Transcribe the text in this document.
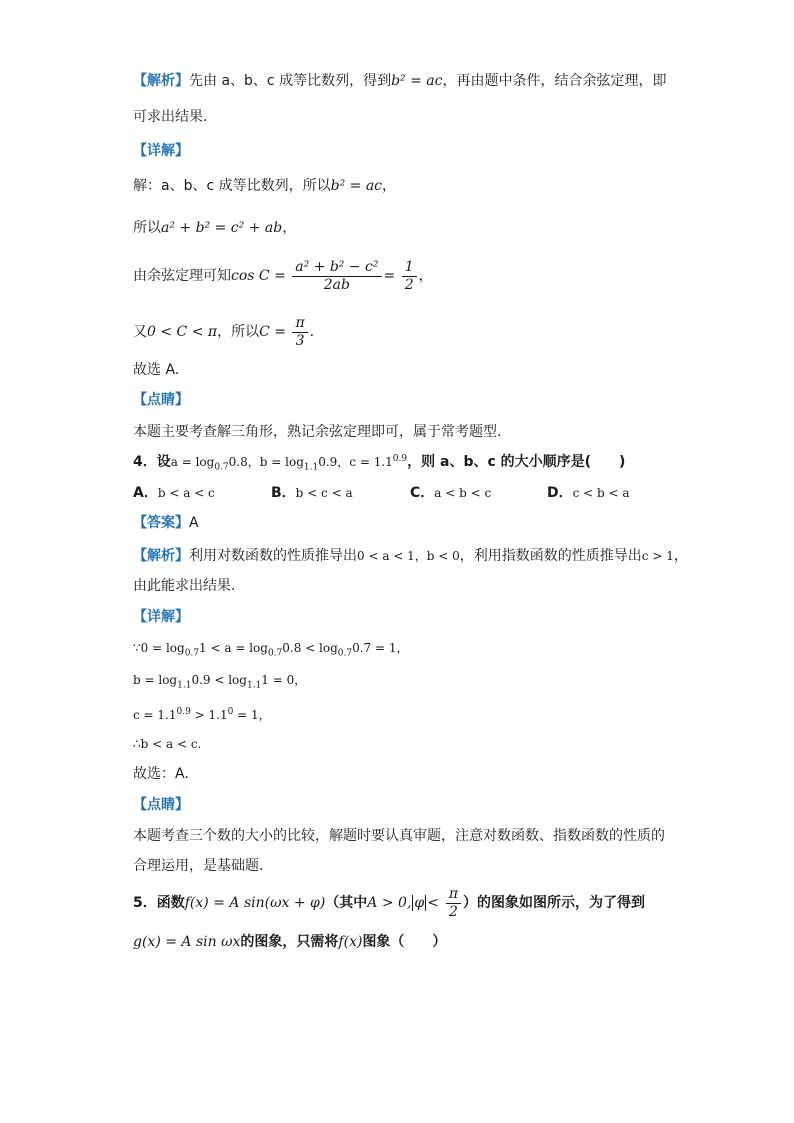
【解析】先由 a、b、c 成等比数列，得到b² = ac，再由题中条件，结合余弦定理，即

可求出结果.

【详解】

解：a、b、c 成等比数列，所以b² = ac，

所以a² + b² = c² + ab，

由余弦定理可知$\cos C = \frac{\text{a² + b² − c²}}{2ab} = \frac{1}{2}$ ，

又0 < C < π，所以$C = \frac{\pi}{3}$ .

故选 A.

【点睛】

本题主要考查解三角形，熟记余弦定理即可，属于常考题型.

4．设$a = \log_{0.7}0.8$，$b = \log_{1.1}0.9$，$c = 1.1^{0.9}$，则 a、b、c 的大小顺序是(　　)

A．b < a < c	B．b < c < a	C．a < b < c	D．c < b < a

【答案】A

【解析】利用对数函数的性质推导出0 < a < 1，b < 0，利用指数函数的性质推导出c > 1，

由此能求出结果.

【详解】

∵0 = $\log_{0.7}1 < a = \log_{0.7}0.8 < \log_{0.7}0.7 = 1$，

$b = \log_{1.1}0.9 < \log_{1.1}1 = 0$，

$c = 1.1^{0.9} > 1.1^0 = 1$，

∴b < a < c.

故选：A.

【点睛】

本题考查三个数的大小的比较，解题时要认真审题，注意对数函数、指数函数的性质的

合理运用，是基础题.

5．函数f(x) = A sin(ωx + φ)（其中A > 0, $\varphi < \frac{\pi}{2}$ ）的图象如图所示，为了得到

g(x) = A sin ωx的图象，只需将f(x)图象（　　）
